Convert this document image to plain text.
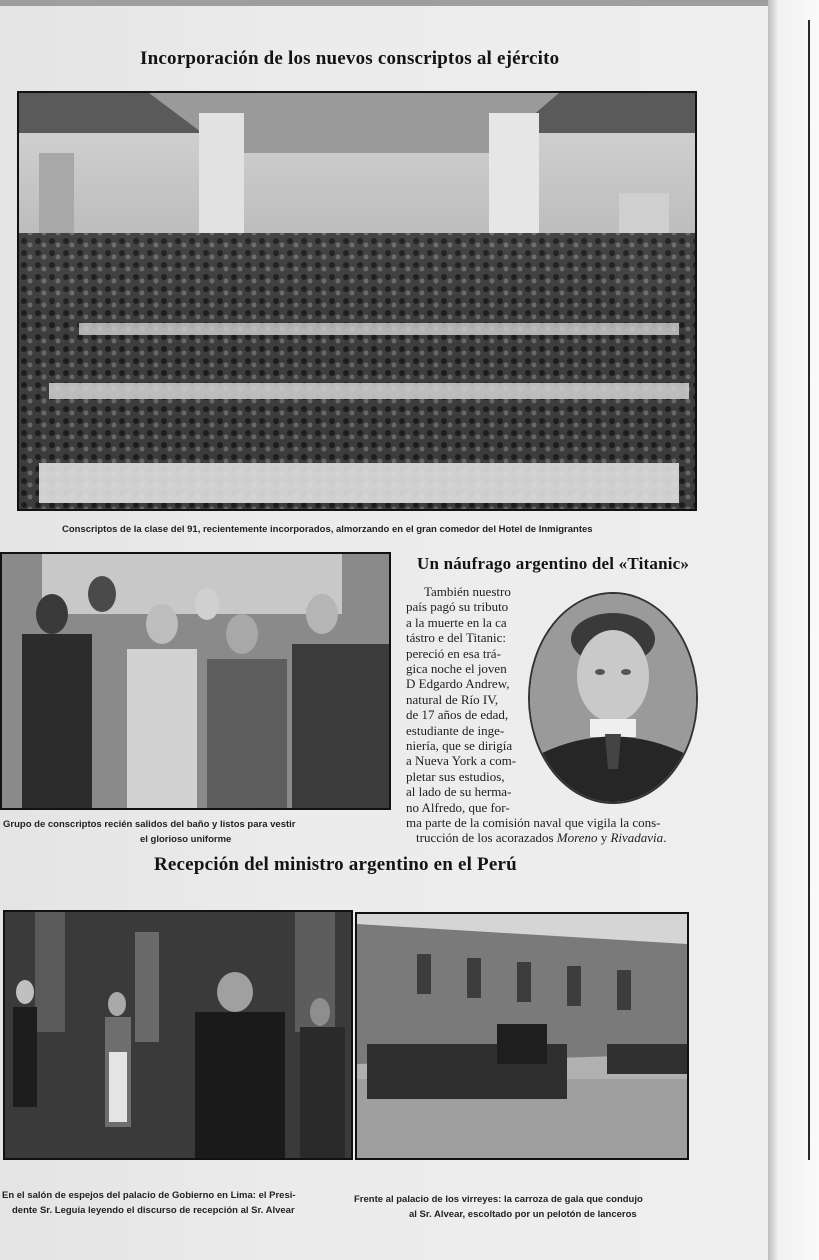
Incorporación de los nuevos conscriptos al ejército
Conscriptos de la clase del 91, recientemente incorporados, almorzando en el gran comedor del Hotel de Inmigrantes
Grupo de conscriptos recién salidos del baño y listos para vestir
el glorioso uniforme
Un náufrago argentino del «Titanic»
También nuestro
país pagó su tributo
a la muerte en la ca
tástro e del Titanic:
pereció en esa trá-
gica noche el joven
D Edgardo Andrew,
natural de Río IV,
de 17 años de edad,
estudiante de inge-
niería, que se dirigía
a Nueva York a com-
pletar sus estudios,
al lado de su herma-
no Alfredo, que for-
ma parte de la comisión naval que vigila la cons-
trucción de los acorazados Moreno y Rivadavia.
Recepción del ministro argentino en el Perú
En el salón de espejos del palacio de Gobierno en Lima: el Presi-
dente Sr. Leguía leyendo el discurso de recepción al Sr. Alvear
Frente al palacio de los virreyes: la carroza de gala que condujo
al Sr. Alvear, escoltado por un pelotón de lanceros
